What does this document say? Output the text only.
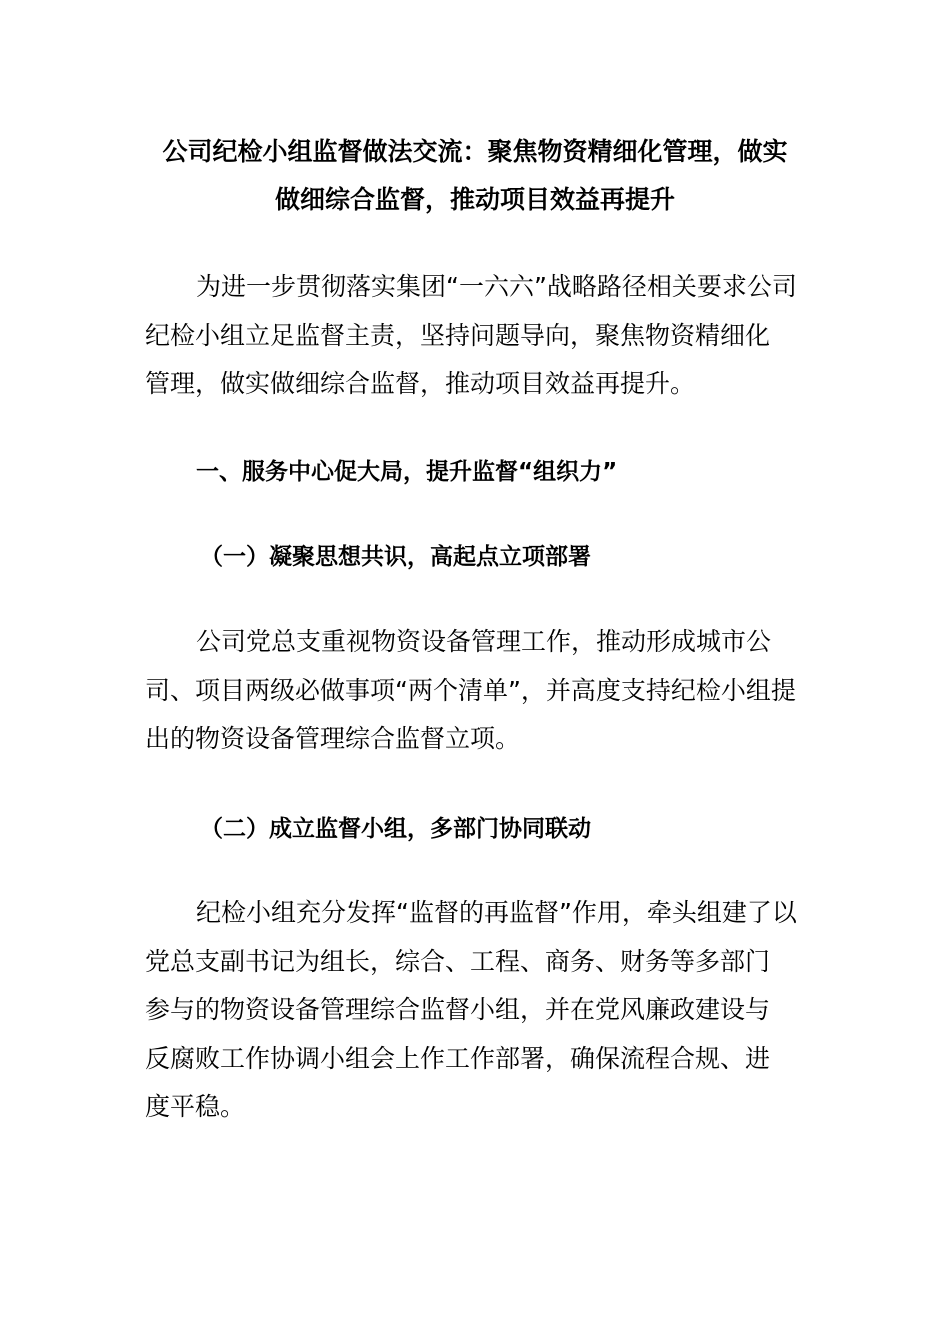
公司纪检小组监督做法交流：聚焦物资精细化管理，做实
做细综合监督，推动项目效益再提升
为进一步贯彻落实集团“一六六”战略路径相关要求公司
纪检小组立足监督主责，坚持问题导向，聚焦物资精细化
管理，做实做细综合监督，推动项目效益再提升。
一、服务中心促大局，提升监督“组织力”
（一）凝聚思想共识，高起点立项部署
公司党总支重视物资设备管理工作，推动形成城市公
司、项目两级必做事项“两个清单”，并高度支持纪检小组提
出的物资设备管理综合监督立项。
（二）成立监督小组，多部门协同联动
纪检小组充分发挥“监督的再监督”作用，牵头组建了以
党总支副书记为组长，综合、工程、商务、财务等多部门
参与的物资设备管理综合监督小组，并在党风廉政建设与
反腐败工作协调小组会上作工作部署，确保流程合规、进
度平稳。
